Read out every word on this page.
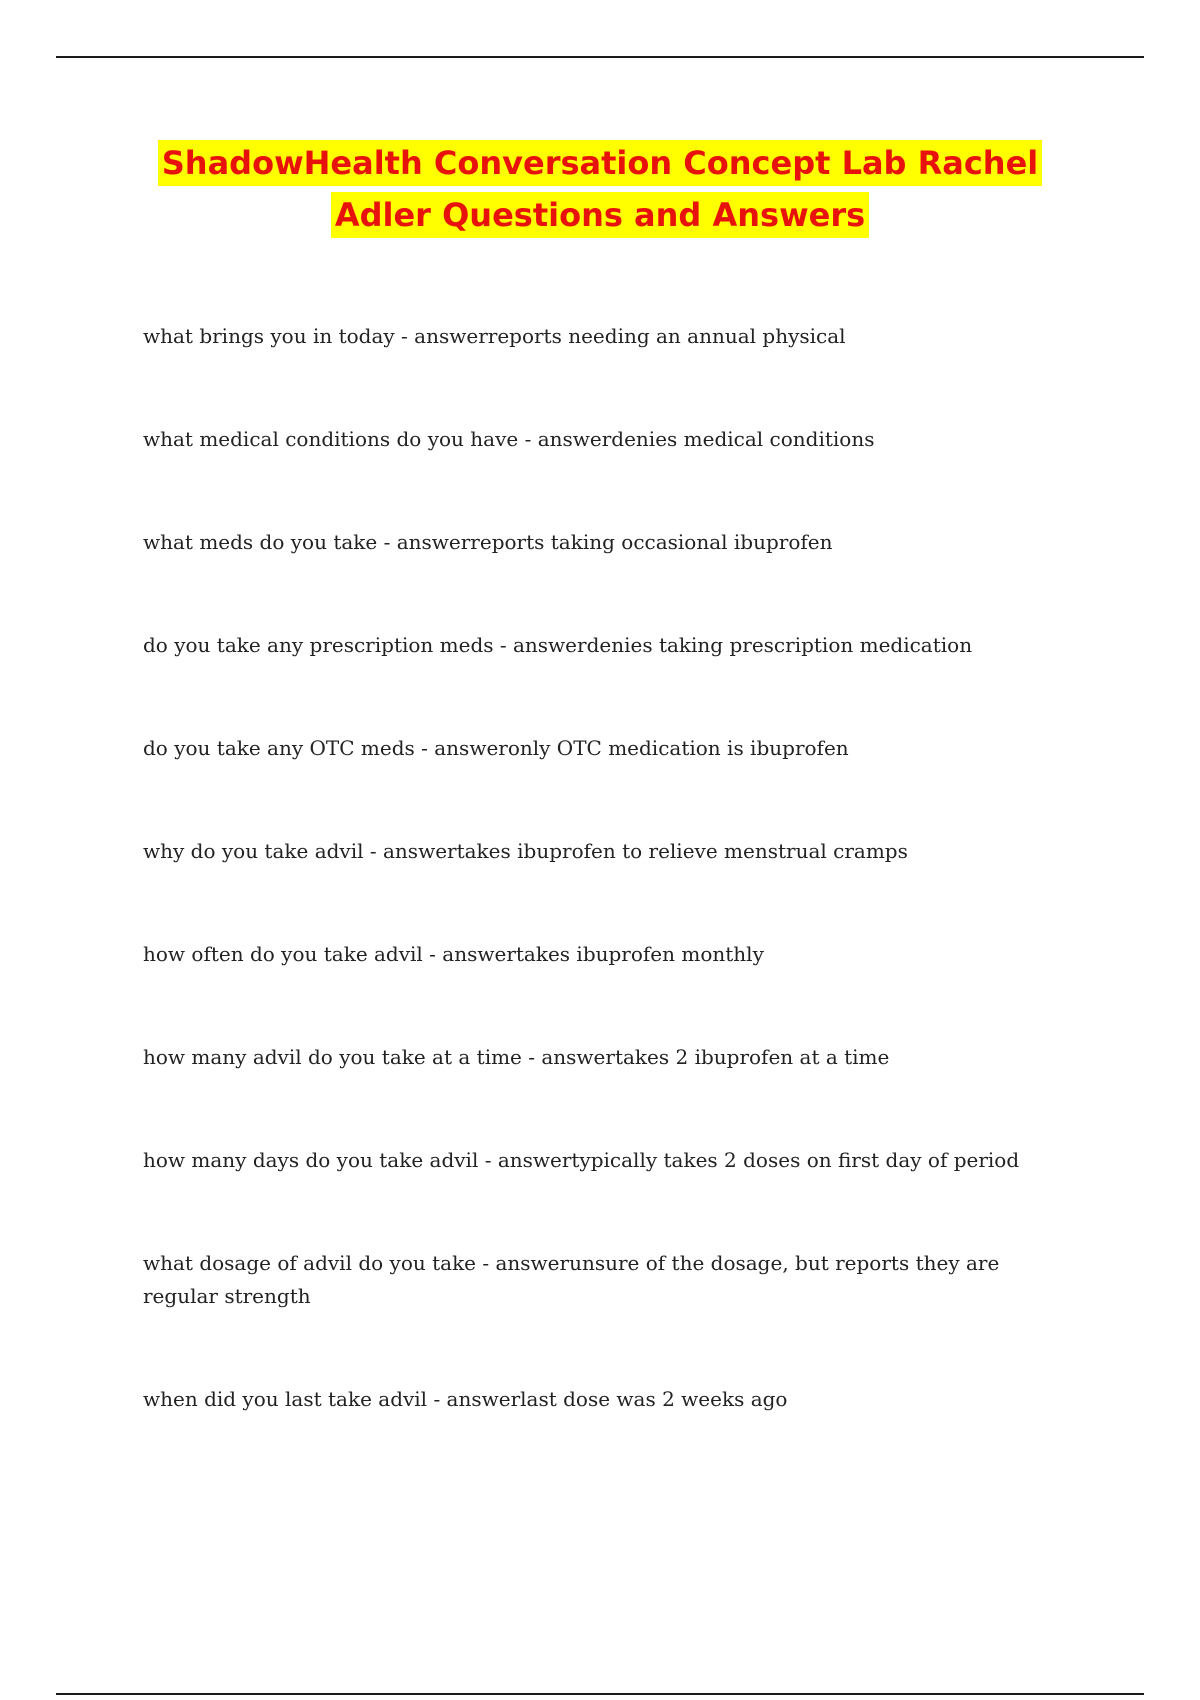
ShadowHealth Conversation Concept Lab Rachel
Adler Questions and Answers
what brings you in today - answerreports needing an annual physical
what medical conditions do you have - answerdenies medical conditions
what meds do you take - answerreports taking occasional ibuprofen
do you take any prescription meds - answerdenies taking prescription medication
do you take any OTC meds - answeronly OTC medication is ibuprofen
why do you take advil - answertakes ibuprofen to relieve menstrual cramps
how often do you take advil - answertakes ibuprofen monthly
how many advil do you take at a time - answertakes 2 ibuprofen at a time
how many days do you take advil - answertypically takes 2 doses on first day of period
what dosage of advil do you take - answerunsure of the dosage, but reports they are regular strength
when did you last take advil - answerlast dose was 2 weeks ago
